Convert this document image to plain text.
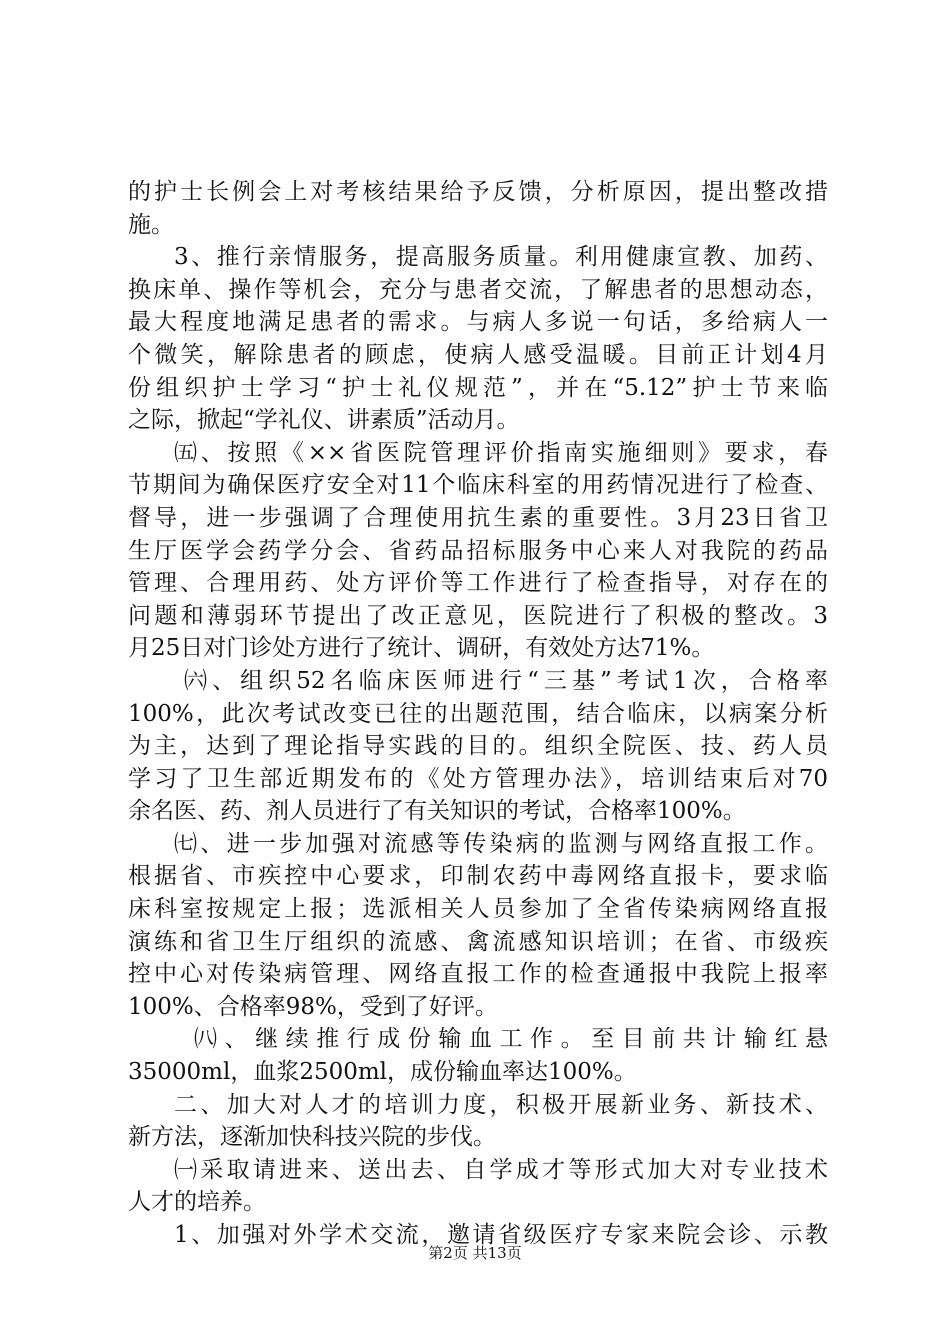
的护士长例会上对考核结果给予反馈，分析原因，提出整改措
施。
3、推行亲情服务，提高服务质量。利用健康宣教、加药、
换床单、操作等机会，充分与患者交流，了解患者的思想动态，
最大程度地满足患者的需求。与病人多说一句话，多给病人一
个微笑，解除患者的顾虑，使病人感受温暖。目前正计划4月
份组织护士学习“护士礼仪规范”，并在“5.12”护士节来临
之际，掀起“学礼仪、讲素质”活动月。
㈤、按照《××省医院管理评价指南实施细则》要求，春
节期间为确保医疗安全对11个临床科室的用药情况进行了检查、
督导，进一步强调了合理使用抗生素的重要性。3月23日省卫
生厅医学会药学分会、省药品招标服务中心来人对我院的药品
管理、合理用药、处方评价等工作进行了检查指导，对存在的
问题和薄弱环节提出了改正意见，医院进行了积极的整改。3
月25日对门诊处方进行了统计、调研，有效处方达71%。
㈥、组织52名临床医师进行“三基”考试1次，合格率
100%，此次考试改变已往的出题范围，结合临床，以病案分析
为主，达到了理论指导实践的目的。组织全院医、技、药人员
学习了卫生部近期发布的《处方管理办法》，培训结束后对70
余名医、药、剂人员进行了有关知识的考试，合格率100%。
㈦、进一步加强对流感等传染病的监测与网络直报工作。
根据省、市疾控中心要求，印制农药中毒网络直报卡，要求临
床科室按规定上报；选派相关人员参加了全省传染病网络直报
演练和省卫生厅组织的流感、禽流感知识培训；在省、市级疾
控中心对传染病管理、网络直报工作的检查通报中我院上报率
100%、合格率98%，受到了好评。
㈧、继续推行成份输血工作。至目前共计输红悬
35000ml，血浆2500ml，成份输血率达100%。
二、加大对人才的培训力度，积极开展新业务、新技术、
新方法，逐渐加快科技兴院的步伐。
㈠采取请进来、送出去、自学成才等形式加大对专业技术
人才的培养。
1、加强对外学术交流，邀请省级医疗专家来院会诊、示教
第2页 共13页
